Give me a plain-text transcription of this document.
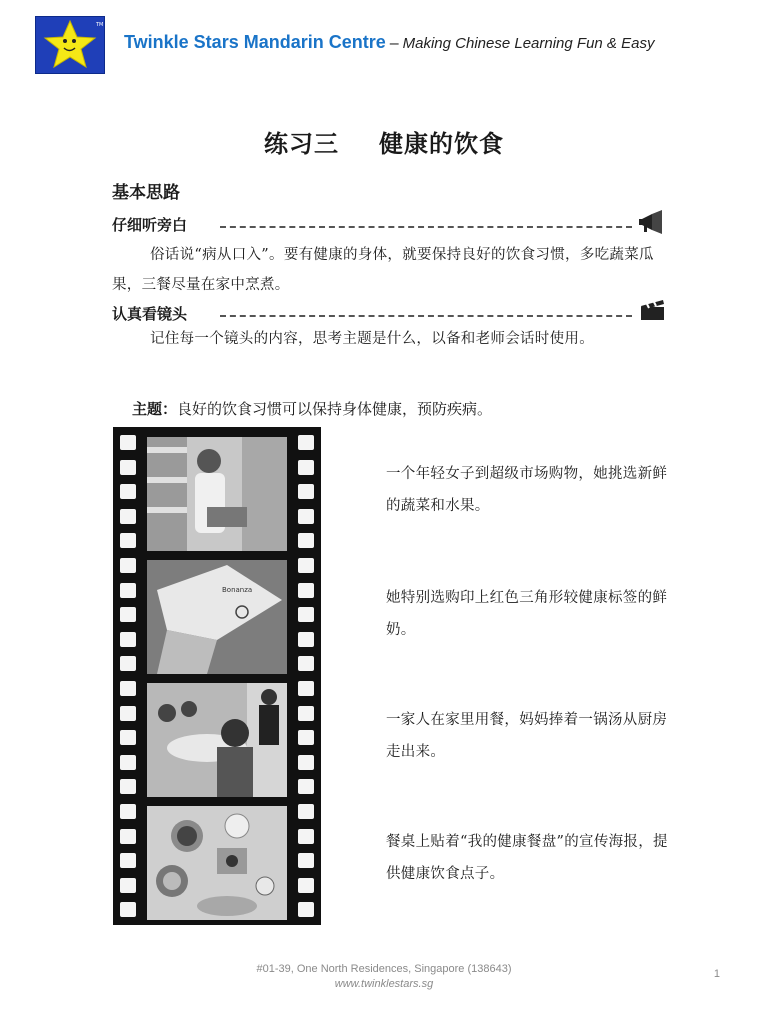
TM
Twinkle Stars Mandarin Centre – Making Chinese Learning Fun & Easy
练习三 健康的饮食
基本思路
仔细听旁白
俗话说“病从口入”。要有健康的身体，就要保持良好的饮食习惯，多吃蔬菜瓜果，三餐尽量在家中烹煮。
认真看镜头
记住每一个镜头的内容，思考主题是什么，以备和老师会话时使用。
主题：良好的饮食习惯可以保持身体健康，预防疾病。
Bonanza
一个年轻女子到超级市场购物，她挑选新鲜的蔬菜和水果。
她特别选购印上红色三角形较健康标签的鲜奶。
一家人在家里用餐，妈妈捧着一锅汤从厨房走出来。
餐桌上贴着“我的健康餐盘”的宣传海报，提供健康饮食点子。
#01-39, One North Residences, Singapore (138643)
www.twinklestars.sg
1
